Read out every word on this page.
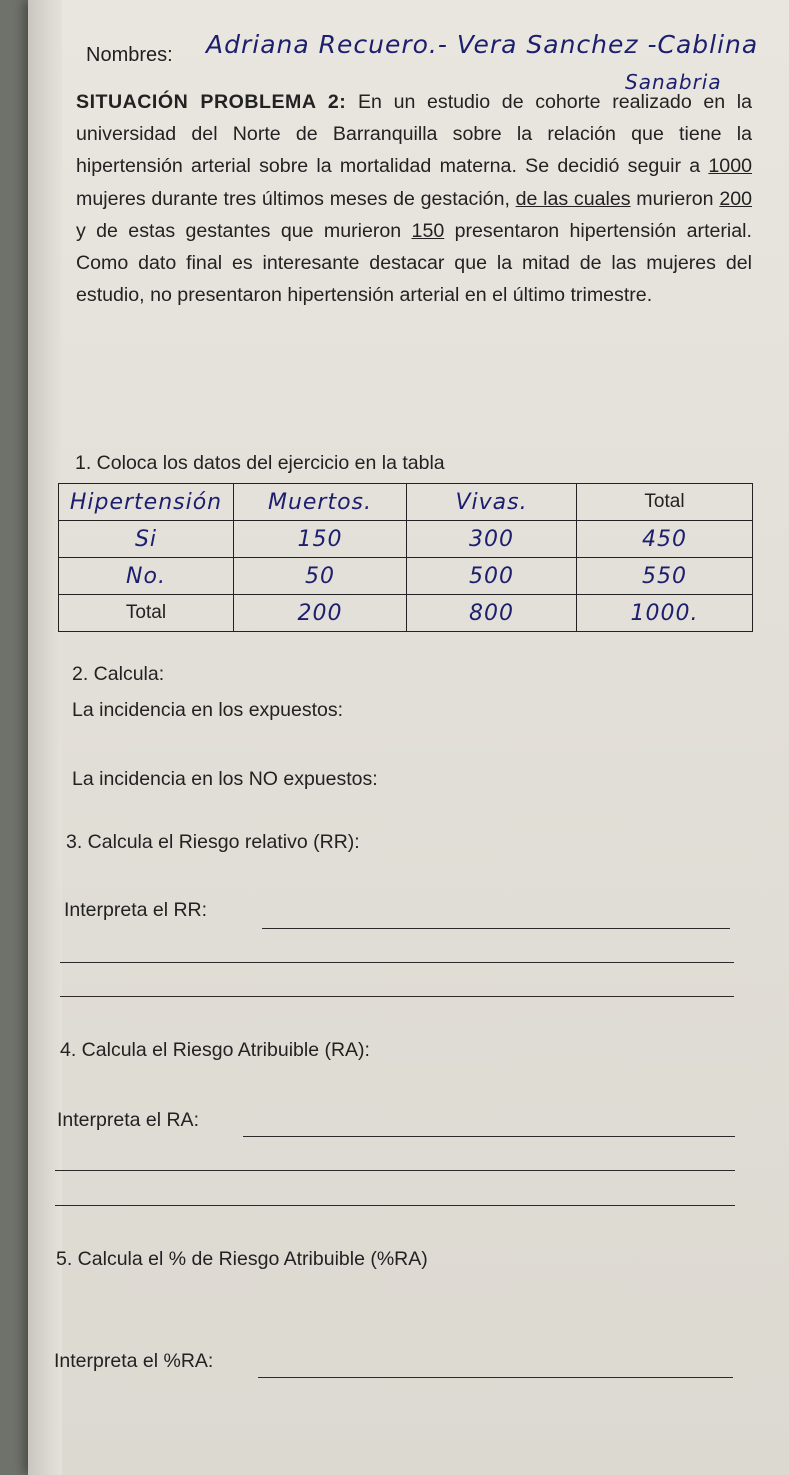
Nombres: Adriana Recuero.- Vera Sanchez -Cablina
Sanabria
SITUACIÓN PROBLEMA 2: En un estudio de cohorte realizado en la universidad del Norte de Barranquilla sobre la relación que tiene la hipertensión arterial sobre la mortalidad materna. Se decidió seguir a 1000 mujeres durante tres últimos meses de gestación, de las cuales murieron 200 y de estas gestantes que murieron 150 presentaron hipertensión arterial. Como dato final es interesante destacar que la mitad de las mujeres del estudio, no presentaron hipertensión arterial en el último trimestre.
1. Coloca los datos del ejercicio en la tabla
Hipertensión	Muertos.	Vivas.	Total
Si	150	300	450
No.	50	500	550
Total	200	800	1000.
2. Calcula:
La incidencia en los expuestos:
La incidencia en los NO expuestos:
3. Calcula el Riesgo relativo (RR):
Interpreta el RR:
4. Calcula el Riesgo Atribuible (RA):
Interpreta el RA:
5. Calcula el % de Riesgo Atribuible (%RA)
Interpreta el %RA:
